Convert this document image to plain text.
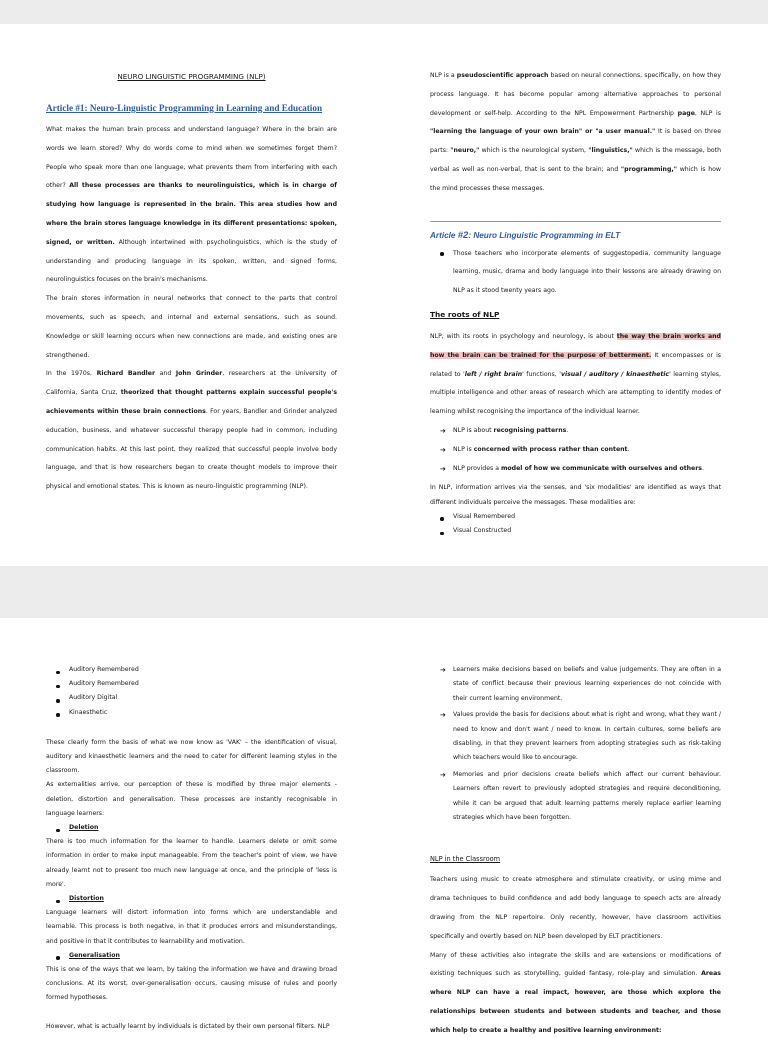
NEURO LINGUISTIC PROGRAMMING (NLP)

Article #1: Neuro-Linguistic Programming in Learning and Education

What makes the human brain process and understand language? Where in the brain are words we learn stored? Why do words come to mind when we sometimes forget them? People who speak more than one language, what prevents them from interfering with each other? All these processes are thanks to neurolinguistics, which is in charge of studying how language is represented in the brain. This area studies how and where the brain stores language knowledge in its different presentations: spoken, signed, or written. Although intertwined with psycholinguistics, which is the study of understanding and producing language in its spoken, written, and signed forms, neurolinguistics focuses on the brain's mechanisms.

The brain stores information in neural networks that connect to the parts that control movements, such as speech, and internal and external sensations, such as sound. Knowledge or skill learning occurs when new connections are made, and existing ones are strengthened.

In the 1970s, Richard Bandler and John Grinder, researchers at the University of California, Santa Cruz, theorized that thought patterns explain successful people's achievements within these brain connections. For years, Bandler and Grinder analyzed education, business, and whatever successful therapy people had in common, including communication habits. At this last point, they realized that successful people involve body language, and that is how researchers began to create thought models to improve their physical and emotional states. This is known as neuro-linguistic programming (NLP).

NLP is a pseudoscientific approach based on neural connections, specifically, on how they process language. It has become popular among alternative approaches to personal development or self-help. According to the NPL Empowerment Partnership page, NLP is "learning the language of your own brain" or "a user manual." It is based on three parts: "neuro," which is the neurological system, "linguistics," which is the message, both verbal as well as non-verbal, that is sent to the brain; and "programming," which is how the mind processes these messages.

Article #2: Neuro Linguistic Programming in ELT

Those teachers who incorporate elements of suggestopedia, community language learning, music, drama and body language into their lessons are already drawing on NLP as it stood twenty years ago.

The roots of NLP

NLP, with its roots in psychology and neurology, is about the way the brain works and how the brain can be trained for the purpose of betterment. It encompasses or is related to 'left / right brain' functions, 'visual / auditory / kinaesthetic' learning styles, multiple intelligence and other areas of research which are attempting to identify modes of learning whilst recognising the importance of the individual learner.

➔ NLP is about recognising patterns.
➔ NLP is concerned with process rather than content.
➔ NLP provides a model of how we communicate with ourselves and others.

In NLP, information arrives via the senses, and 'six modalities' are identified as ways that different individuals perceive the messages. These modalities are:

Visual Remembered
Visual Constructed
Auditory Remembered
Auditory Remembered
Auditory Digital
Kinaesthetic

These clearly form the basis of what we now know as 'VAK' – the identification of visual, auditory and kinaesthetic learners and the need to cater for different learning styles in the classroom.

As externalities arrive, our perception of these is modified by three major elements - deletion, distortion and generalisation. These processes are instantly recognisable in language learners:

Deletion

There is too much information for the learner to handle. Learners delete or omit some information in order to make input manageable. From the teacher's point of view, we have already learnt not to present too much new language at once, and the principle of 'less is more'.

Distortion

Language learners will distort information into forms which are understandable and learnable. This process is both negative, in that it produces errors and misunderstandings, and positive in that it contributes to learnability and motivation.

Generalisation

This is one of the ways that we learn, by taking the information we have and drawing broad conclusions. At its worst, over-generalisation occurs, causing misuse of rules and poorly formed hypotheses.

However, what is actually learnt by individuals is dictated by their own personal filters. NLP

➔ Learners make decisions based on beliefs and value judgements. They are often in a state of conflict because their previous learning experiences do not coincide with their current learning environment.
➔ Values provide the basis for decisions about what is right and wrong, what they want / need to know and don't want / need to know. In certain cultures, some beliefs are disabling, in that they prevent learners from adopting strategies such as risk-taking which teachers would like to encourage.
➔ Memories and prior decisions create beliefs which affect our current behaviour. Learners often revert to previously adopted strategies and require deconditioning, while it can be argued that adult learning patterns merely replace earlier learning strategies which have been forgotten.

NLP in the Classroom

Teachers using music to create atmosphere and stimulate creativity, or using mime and drama techniques to build confidence and add body language to speech acts are already drawing from the NLP repertoire. Only recently, however, have classroom activities specifically and overtly based on NLP been developed by ELT practitioners.

Many of these activities also integrate the skills and are extensions or modifications of existing techniques such as storytelling, guided fantasy, role-play and simulation. Areas where NLP can have a real impact, however, are those which explore the relationships between students and between students and teacher, and those which help to create a healthy and positive learning environment:
